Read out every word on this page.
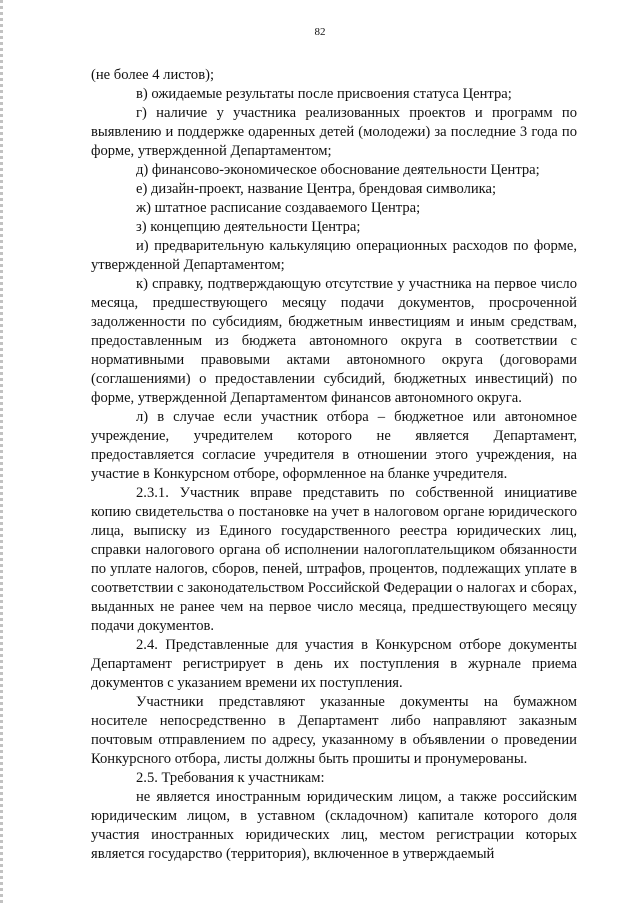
82

(не более 4 листов);

в) ожидаемые результаты после присвоения статуса Центра;

г) наличие у участника реализованных проектов и программ по выявлению и поддержке одаренных детей (молодежи) за последние 3 года по форме, утвержденной Департаментом;

д) финансово-экономическое обоснование деятельности Центра;

е) дизайн-проект, название Центра, брендовая символика;

ж) штатное расписание создаваемого Центра;

з) концепцию деятельности Центра;

и) предварительную калькуляцию операционных расходов по форме, утвержденной Департаментом;

к) справку, подтверждающую отсутствие у участника на первое число месяца, предшествующего месяцу подачи документов, просроченной задолженности по субсидиям, бюджетным инвестициям и иным средствам, предоставленным из бюджета автономного округа в соответствии с нормативными правовыми актами автономного округа (договорами (соглашениями) о предоставлении субсидий, бюджетных инвестиций) по форме, утвержденной Департаментом финансов автономного округа.

л) в случае если участник отбора – бюджетное или автономное учреждение, учредителем которого не является Департамент, предоставляется согласие учредителя в отношении этого учреждения, на участие в Конкурсном отборе, оформленное на бланке учредителя.

2.3.1. Участник вправе представить по собственной инициативе копию свидетельства о постановке на учет в налоговом органе юридического лица, выписку из Единого государственного реестра юридических лиц, справки налогового органа об исполнении налогоплательщиком обязанности по уплате налогов, сборов, пеней, штрафов, процентов, подлежащих уплате в соответствии с законодательством Российской Федерации о налогах и сборах, выданных не ранее чем на первое число месяца, предшествующего месяцу подачи документов.

2.4. Представленные для участия в Конкурсном отборе документы Департамент регистрирует в день их поступления в журнале приема документов с указанием времени их поступления.

Участники представляют указанные документы на бумажном носителе непосредственно в Департамент либо направляют заказным почтовым отправлением по адресу, указанному в объявлении о проведении Конкурсного отбора, листы должны быть прошиты и пронумерованы.

2.5. Требования к участникам:

не является иностранным юридическим лицом, а также российским юридическим лицом, в уставном (складочном) капитале которого доля участия иностранных юридических лиц, местом регистрации которых является государство (территория), включенное в утверждаемый
